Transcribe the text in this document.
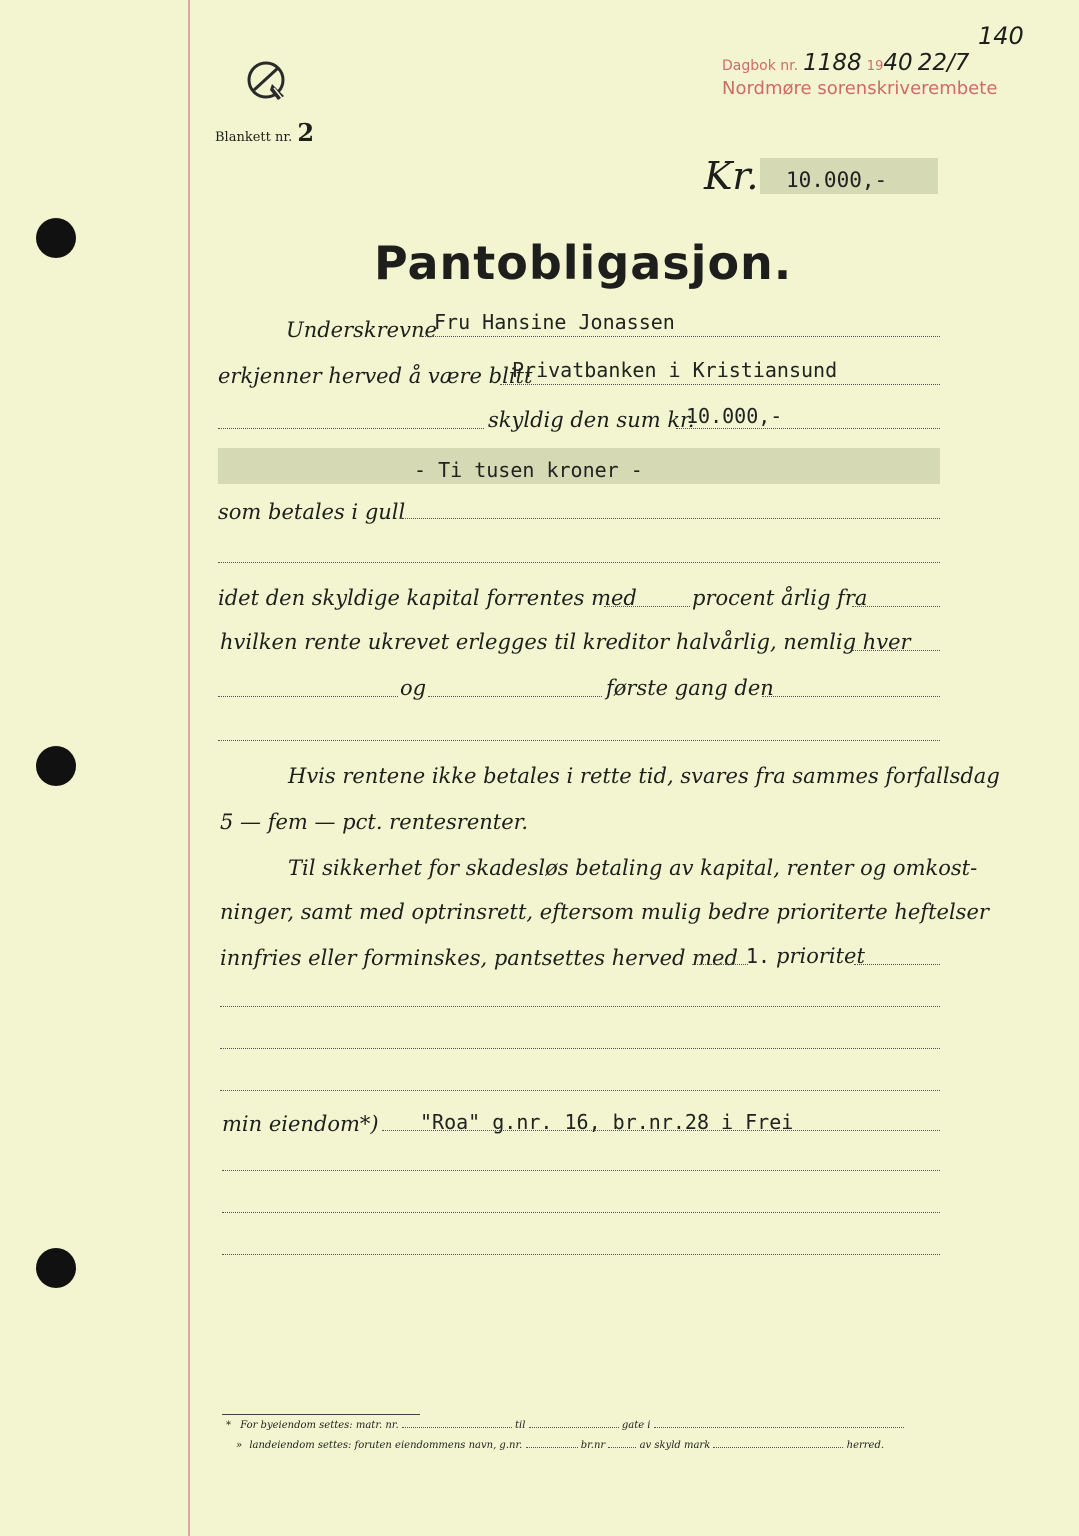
140
Dagbok nr. 1188 1940 22/7
Nordmøre sorenskriverembete
Blankett nr. 2
Kr. 10.000,-
Pantobligasjon.
Underskrevne
Fru Hansine Jonassen
erkjenner herved å være blitt
Privatbanken i Kristiansund
skyldig den sum kr.
10.000,-
- Ti tusen kroner -
som betales i gull
idet den skyldige kapital forrentes med	procent årlig fra
hvilken rente ukrevet erlegges til kreditor halvårlig, nemlig hver
og	første gang den
Hvis rentene ikke betales i rette tid, svares fra sammes forfallsdag
5 — fem — pct. rentesrenter.
Til sikkerhet for skadesløs betaling av kapital, renter og omkost-
ninger, samt med optrinsrett, eftersom mulig bedre prioriterte heftelser
innfries eller forminskes, pantsettes herved med 1. prioritet
min eiendom*) "Roa" g.nr. 16, br.nr.28 i Frei
* For byeiendom settes: matr. nr.	til	gate i
» landeiendom settes: foruten eiendommens navn, g.nr.	br.nr	av skyld mark	herred.
